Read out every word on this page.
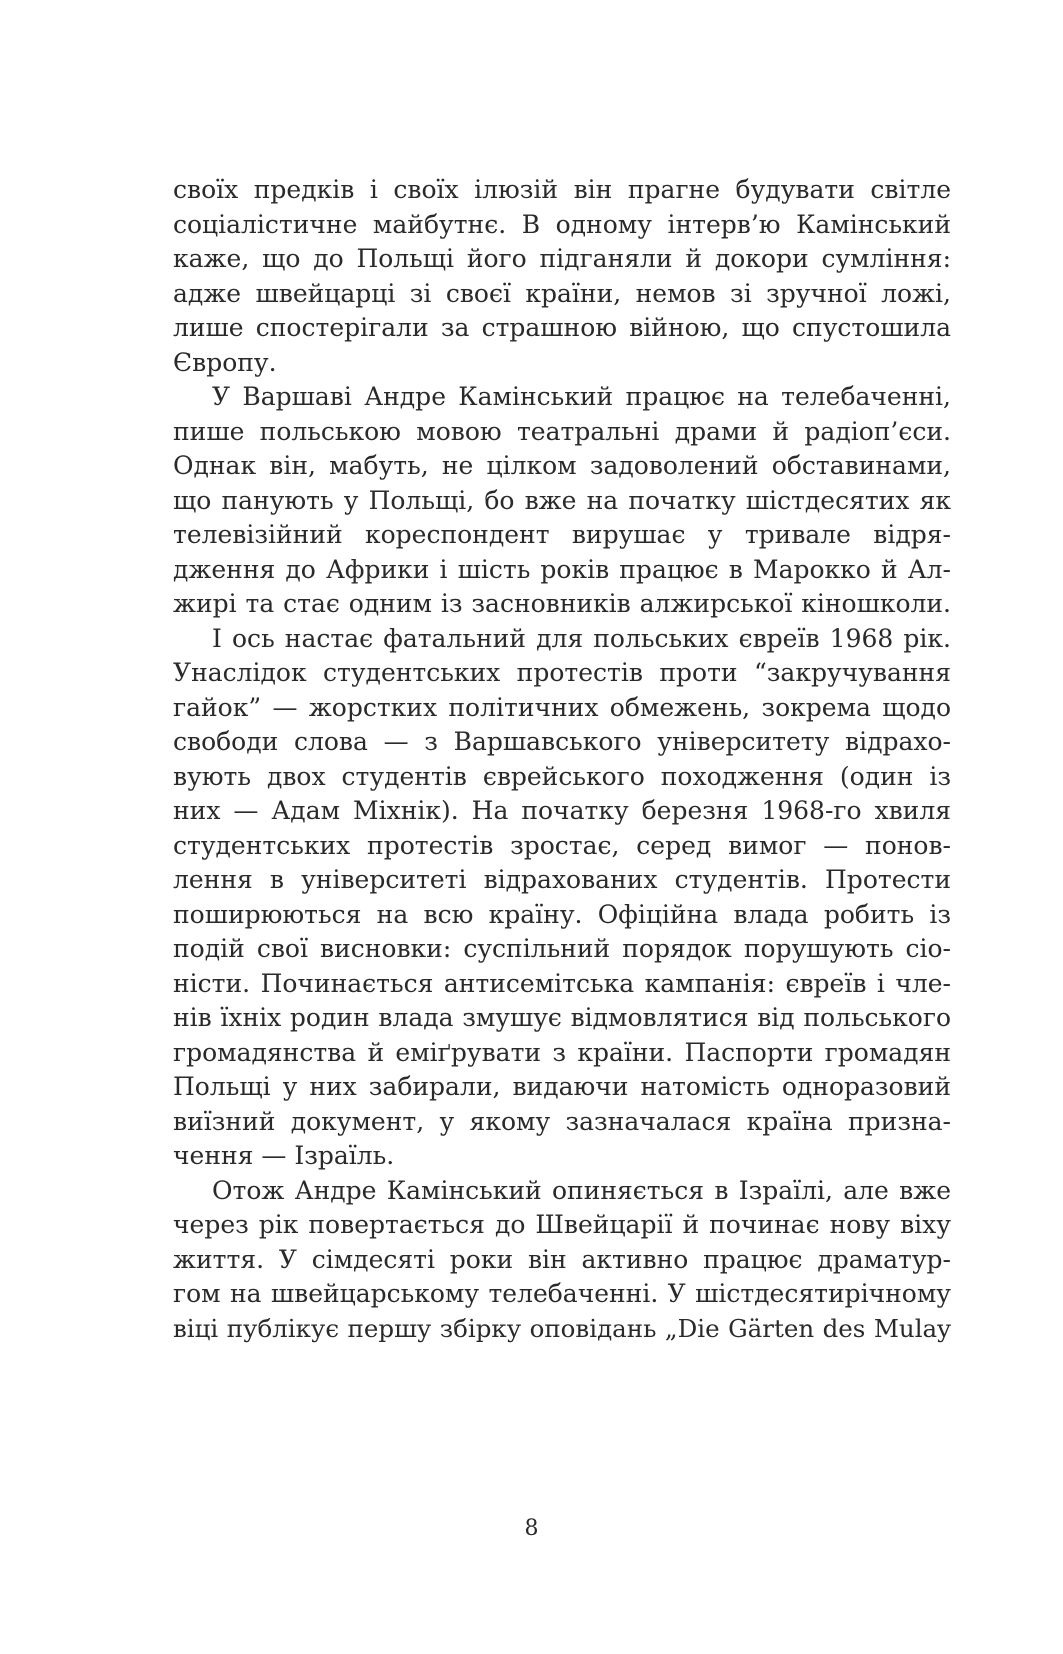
своїх предків і своїх ілюзій він прагне будувати світле
соціалістичне майбутнє. В одному інтерв’ю Камінський
каже, що до Польщі його підганяли й докори сумління:
адже швейцарці зі своєї країни, немов зі зручної ложі,
лише спостерігали за страшною війною, що спустошила
Європу.
У Варшаві Андре Камінський працює на телебаченні,
пише польською мовою театральні драми й радіоп’єси.
Однак він, мабуть, не цілком задоволений обставинами,
що панують у Польщі, бо вже на початку шістдесятих як
телевізійний кореспондент вирушає у тривале відря-
дження до Африки і шість років працює в Марокко й Ал-
жирі та стає одним із засновників алжирської кіношколи.
І ось настає фатальний для польських євреїв 1968 рік.
Унаслідок студентських протестів проти “закручування
гайок” — жорстких політичних обмежень, зокрема щодо
свободи слова — з Варшавського університету відрахо-
вують двох студентів єврейського походження (один із
них — Адам Міхнік). На початку березня 1968-го хвиля
студентських протестів зростає, серед вимог — понов-
лення в університеті відрахованих студентів. Протести
поширюються на всю країну. Офіційна влада робить із
подій свої висновки: суспільний порядок порушують сіо-
ністи. Починається антисемітська кампанія: євреїв і чле-
нів їхніх родин влада змушує відмовлятися від польського
громадянства й еміґрувати з країни. Паспорти громадян
Польщі у них забирали, видаючи натомість одноразовий
виїзний документ, у якому зазначалася країна призна-
чення — Ізраїль.
Отож Андре Камінський опиняється в Ізраїлі, але вже
через рік повертається до Швейцарії й починає нову віху
життя. У сімдесяті роки він активно працює драматур-
гом на швейцарському телебаченні. У шістдесятирічному
віці публікує першу збірку оповідань „Die Gärten des Mulay
8
